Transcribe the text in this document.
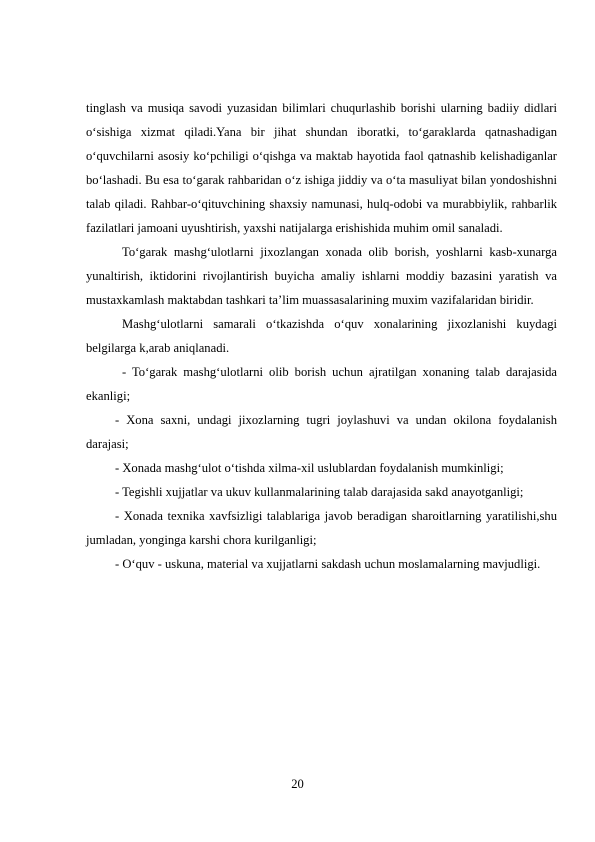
tinglash va musiqa savodi yuzasidan bilimlari chuqurlashib borishi ularning badiiy didlari o‘sishiga xizmat qiladi.Yana bir jihat shundan iboratki, to‘garaklarda qatnashadigan o‘quvchilarni asosiy ko‘pchiligi o‘qishga va maktab hayotida faol qatnashib kelishadiganlar bo‘lashadi. Bu esa to‘garak rahbaridan o‘z ishiga jiddiy va o‘ta masuliyat bilan yondoshishni talab qiladi. Rahbar-o‘qituvchining shaxsiy namunasi, hulq-odobi va murabbiylik, rahbarlik fazilatlari jamoani uyushtirish, yaxshi natijalarga erishishida muhim omil sanaladi.

To‘garak mashg‘ulotlarni jixozlangan xonada olib borish, yoshlarni kasb-xunarga yunaltirish, iktidorini rivojlantirish buyicha amaliy ishlarni moddiy bazasini yaratish va mustaxkamlash maktabdan tashkari ta’lim muassasalarining muxim vazifalaridan biridir.

Mashg‘ulotlarni samarali o‘tkazishda o‘quv xonalarining jixozlanishi kuydagi belgilarga k,arab aniqlanadi.

- To‘garak mashg‘ulotlarni olib borish uchun ajratilgan xonaning talab darajasida ekanligi;

- Xona saxni, undagi jixozlarning tugri joylashuvi va undan okilona foydalanish darajasi;

- Xonada mashg‘ulot o‘tishda xilma-xil uslublardan foydalanish mumkinligi;

- Tegishli xujjatlar va ukuv kullanmalarining talab darajasida sakd anayotganligi;

- Xonada texnika xavfsizligi talablariga javob beradigan sharoitlarning yaratilishi,shu jumladan, yonginga karshi chora kurilganligi;

- O‘quv - uskuna, material va xujjatlarni sakdash uchun moslamalarning mavjudligi.

20
